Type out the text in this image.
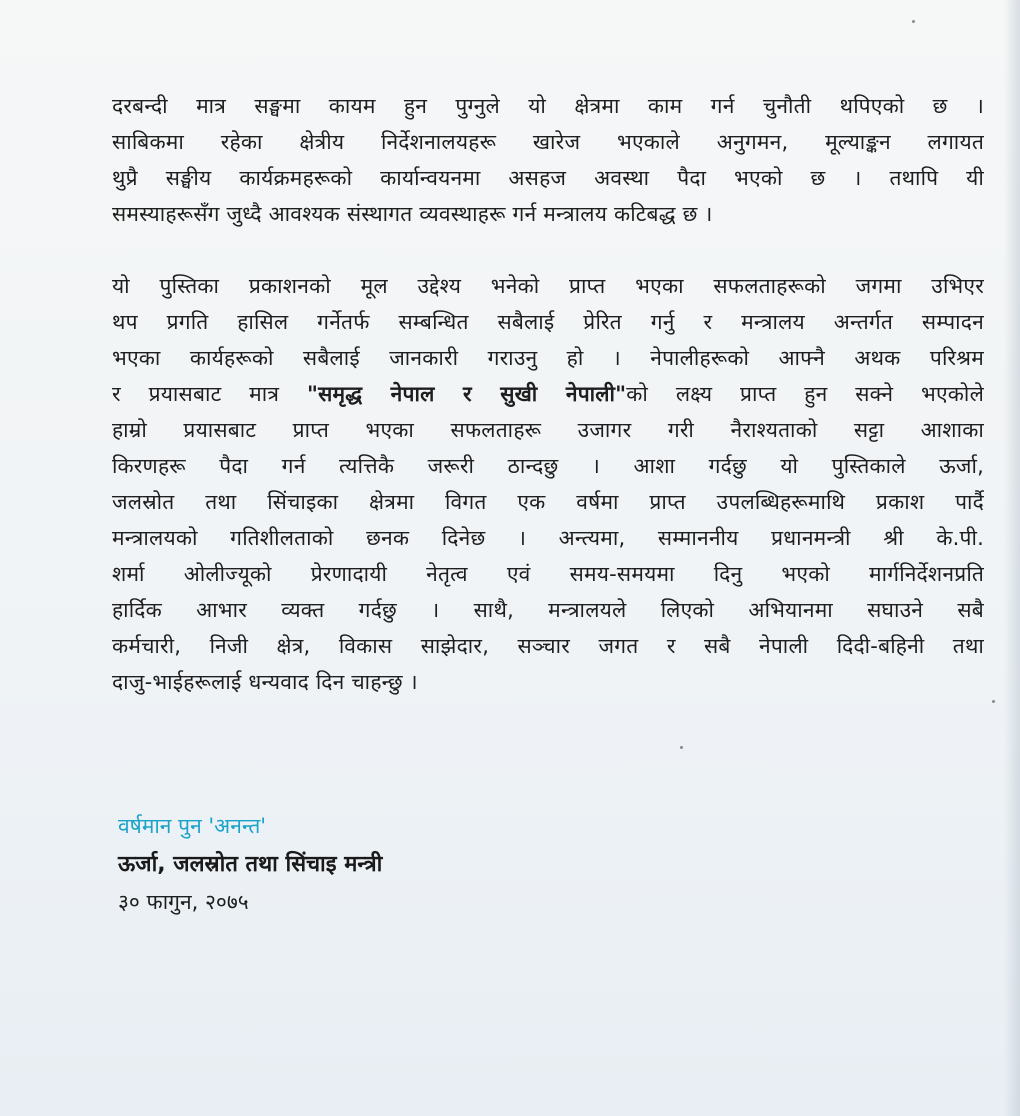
दरबन्दी मात्र सङ्घमा कायम हुन पुग्नुले यो क्षेत्रमा काम गर्न चुनौती थपिएको छ ।
साबिकमा रहेका क्षेत्रीय निर्देशनालयहरू खारेज भएकाले अनुगमन, मूल्याङ्कन लगायत
थुप्रै सङ्घीय कार्यक्रमहरूको कार्यान्वयनमा असहज अवस्था पैदा भएको छ । तथापि यी
समस्याहरूसँग जुध्दै आवश्यक संस्थागत व्यवस्थाहरू गर्न मन्त्रालय कटिबद्ध छ ।
यो पुस्तिका प्रकाशनको मूल उद्देश्य भनेको प्राप्त भएका सफलताहरूको जगमा उभिएर
थप प्रगति हासिल गर्नेतर्फ सम्बन्धित सबैलाई प्रेरित गर्नु र मन्त्रालय अन्तर्गत सम्पादन
भएका कार्यहरूको सबैलाई जानकारी गराउनु हो । नेपालीहरूको आफ्नै अथक परिश्रम
र प्रयासबाट मात्र "समृद्ध नेपाल र सुखी नेपाली"को लक्ष्य प्राप्त हुन सक्ने भएकोले
हाम्रो प्रयासबाट प्राप्त भएका सफलताहरू उजागर गरी नैराश्यताको सट्टा आशाका
किरणहरू पैदा गर्न त्यत्तिकै जरूरी ठान्दछु । आशा गर्दछु यो पुस्तिकाले ऊर्जा,
जलस्रोत तथा सिंचाइका क्षेत्रमा विगत एक वर्षमा प्राप्त उपलब्धिहरूमाथि प्रकाश पार्दै
मन्त्रालयको गतिशीलताको छनक दिनेछ । अन्त्यमा, सम्माननीय प्रधानमन्त्री श्री के.पी.
शर्मा ओलीज्यूको प्रेरणादायी नेतृत्व एवं समय-समयमा दिनु भएको मार्गनिर्देशनप्रति
हार्दिक आभार व्यक्त गर्दछु । साथै, मन्त्रालयले लिएको अभियानमा सघाउने सबै
कर्मचारी, निजी क्षेत्र, विकास साझेदार, सञ्चार जगत र सबै नेपाली दिदी-बहिनी तथा
दाजु-भाईहरूलाई धन्यवाद दिन चाहन्छु ।
वर्षमान पुन 'अनन्त'
ऊर्जा, जलस्रोत तथा सिंचाइ मन्त्री
३० फागुन, २०७५
